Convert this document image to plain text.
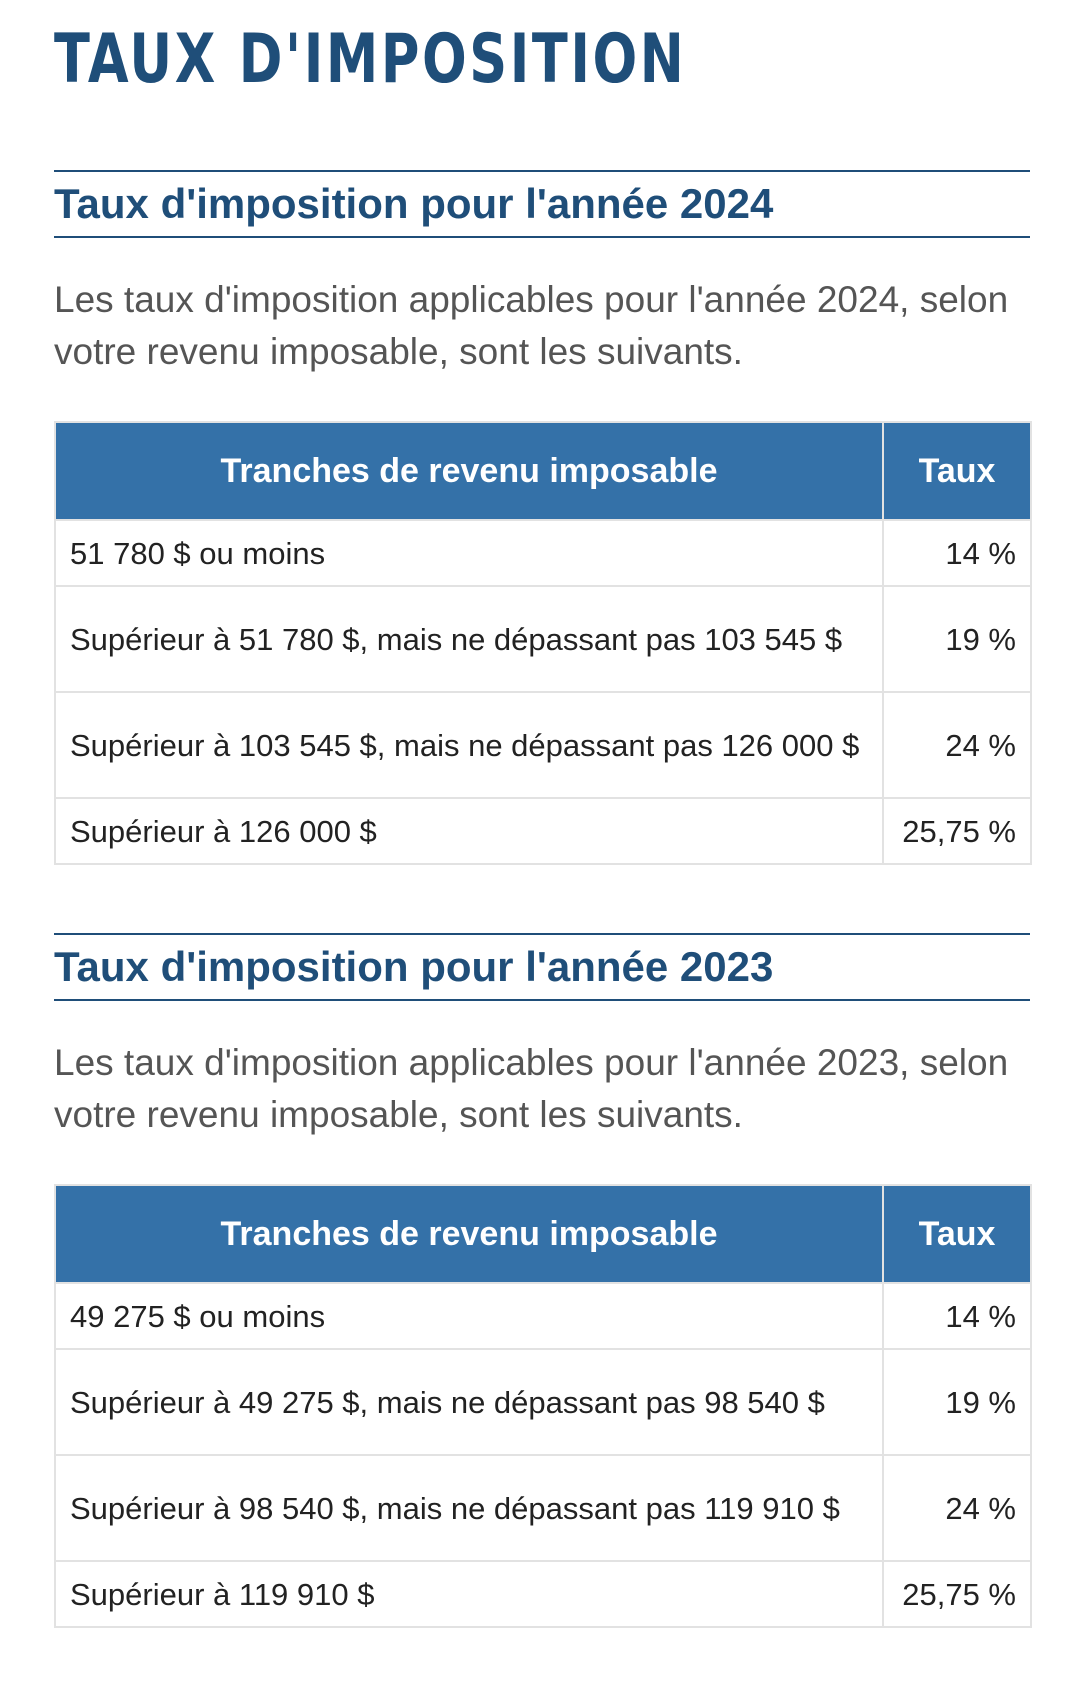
TAUX D'IMPOSITION
Taux d'imposition pour l'année 2024

Les taux d'imposition applicables pour l'année 2024, selon votre revenu imposable, sont les suivants.

Tranches de revenu imposable	Taux
51 780 $ ou moins	14 %
Supérieur à 51 780 $, mais ne dépassant pas 103 545 $	19 %
Supérieur à 103 545 $, mais ne dépassant pas 126 000 $	24 %
Supérieur à 126 000 $	25,75 %
Taux d'imposition pour l'année 2023

Les taux d'imposition applicables pour l'année 2023, selon votre revenu imposable, sont les suivants.

Tranches de revenu imposable	Taux
49 275 $ ou moins	14 %
Supérieur à 49 275 $, mais ne dépassant pas 98 540 $	19 %
Supérieur à 98 540 $, mais ne dépassant pas 119 910 $	24 %
Supérieur à 119 910 $	25,75 %
